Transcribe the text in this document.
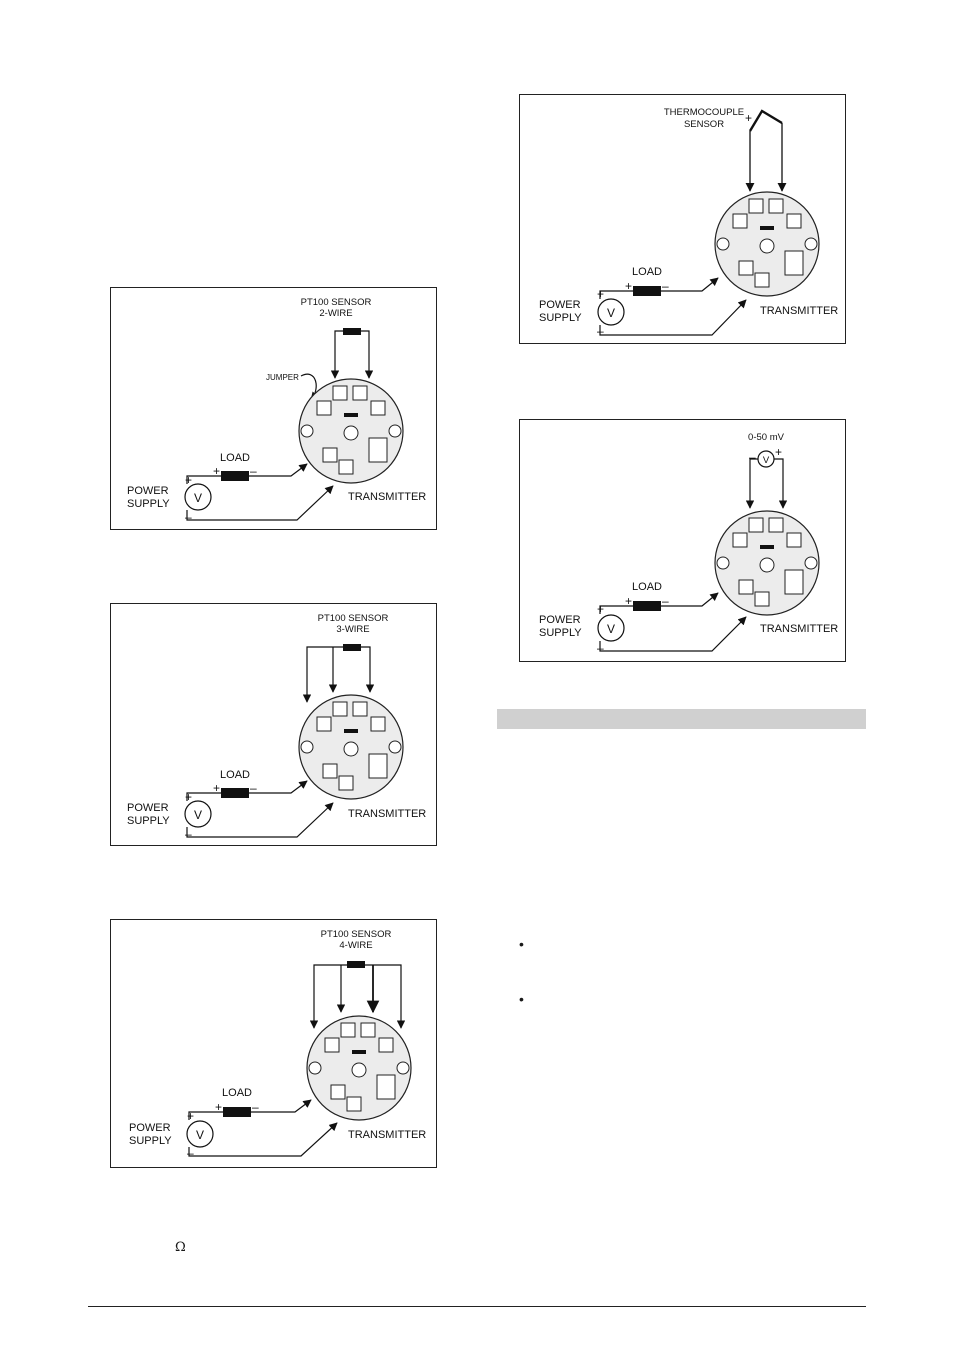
PT100 SENSOR
2-WIRE
JUMPER
LOAD
+ –
V
+
–
POWER
SUPPLY
TRANSMITTER
PT100 SENSOR
3-WIRE
LOAD
+ –
V
+
–
POWER
SUPPLY
TRANSMITTER
PT100 SENSOR
4-WIRE
LOAD
+ –
V
+
–
POWER
SUPPLY	TRANSMITTER
THERMOCOUPLE
SENSOR +
LOAD
+ –
V
+
–
POWER
SUPPLY
TRANSMITTER
0-50 mV
V
– +
LOAD
+ –
V
+
–
POWER
SUPPLY	TRANSMITTER
•
•
Ω
